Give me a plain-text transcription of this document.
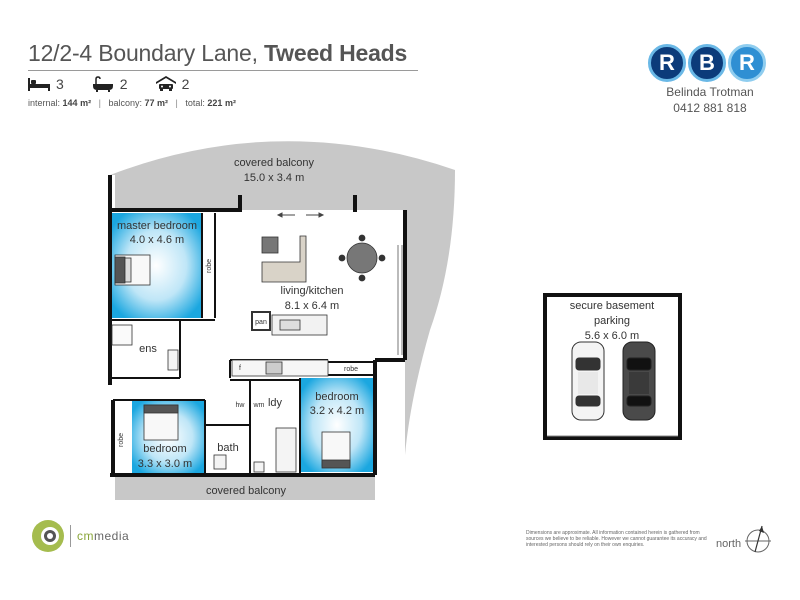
12/2-4 Boundary Lane, Tweed Heads
3	2	2
internal: 144 m² | balcony: 77 m² | total: 221 m²
R	B	R
Belinda Trotman
0412 881 818
covered balcony
15.0 x 3.4 m
master bedroom
4.0 x 4.6 m
living/kitchen
8.1 x 6.4 m
robe
pan
ens
f	robe
hw wm ldy	bedroom
3.2 x 4.2 m
robe
bedroom
3.3 x 3.0 m
bath
covered balcony
secure basement
parking
5.6 x 6.0 m
cmmedia	Dimensions are approximate. All information contained herein is gathered from sources we believe to be reliable. However we cannot guarantee its accuracy and interested persons should rely on their own enquiries.	north
